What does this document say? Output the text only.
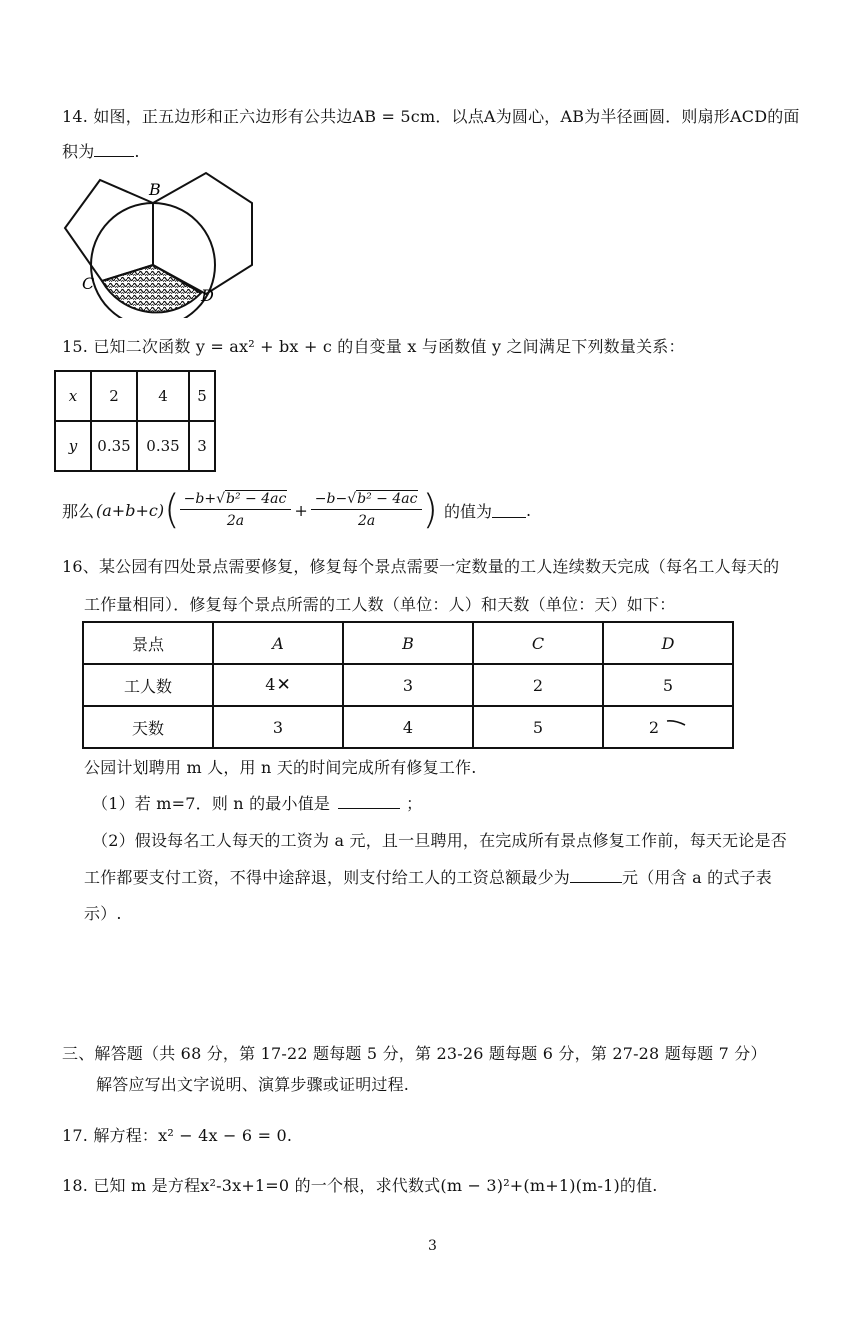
14. 如图，正五边形和正六边形有公共边AB = 5cm．以点A为圆心，AB为半径画圆．则扇形ACD的面
积为	.
B
C
D
15. 已知二次函数 y = ax² + bx + c 的自变量 x 与函数值 y 之间满足下列数量关系：
x	2	4	5
y	0.35	0.35	3
那么 (a+b+c) ( $\frac{\text{−b+√b² − 4ac}}{2a} + \frac{\text{−b−√b² − 4ac}}{2a}$ ) 的值为 .
16、某公园有四处景点需要修复，修复每个景点需要一定数量的工人连续数天完成（每名工人每天的
工作量相同）．修复每个景点所需的工人数（单位：人）和天数（单位：天）如下：
景点	A	B	C	D
工人数	4✕	3	2	5
天数	3	4	5	2
公园计划聘用 m 人，用 n 天的时间完成所有修复工作.
（1）若 m=7．则 n 的最小值是	；
（2）假设每名工人每天的工资为 a 元，且一旦聘用，在完成所有景点修复工作前，每天无论是否
工作都要支付工资，不得中途辞退，则支付给工人的工资总额最少为	元（用含 a 的式子表
示）.
三、解答题（共 68 分，第 17-22 题每题 5 分，第 23-26 题每题 6 分，第 27-28 题每题 7 分）
解答应写出文字说明、演算步骤或证明过程.
17. 解方程：x² − 4x − 6 = 0.
18. 已知 m 是方程x²-3x+1=0 的一个根，求代数式(m − 3)²+(m+1)(m-1)的值.
3
